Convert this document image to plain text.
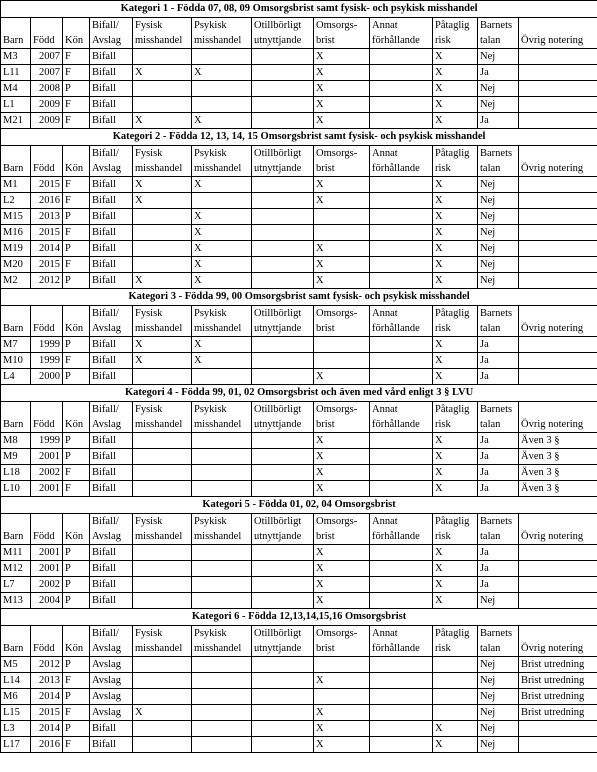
Kategori 1 - Födda 07, 08, 09 Omsorgsbrist samt fysisk- och psykisk misshandel											
Barn	Född	Kön	Bifall/ Avslag	Fysisk misshandel	Psykisk misshandel	Otillbörligt utnyttjande	Omsorgs- brist	Annat förhållande	Påtaglig risk	Barnets talan	Övrig notering
M3	2007	F	Bifall				X		X	Nej	
L11	2007	F	Bifall	X	X		X		X	Ja	
M4	2008	P	Bifall				X		X	Nej	
L1	2009	F	Bifall				X		X	Nej	
M21	2009	F	Bifall	X	X		X		X	Ja	
Kategori 2 - Födda 12, 13, 14, 15 Omsorgsbrist samt fysisk- och psykisk misshandel											
Barn	Född	Kön	Bifall/ Avslag	Fysisk misshandel	Psykisk misshandel	Otillbörligt utnyttjande	Omsorgs- brist	Annat förhållande	Påtaglig risk	Barnets talan	Övrig notering
M1	2015	F	Bifall	X	X		X		X	Nej	
L2	2016	F	Bifall	X			X		X	Nej	
M15	2013	P	Bifall		X				X	Nej	
M16	2015	F	Bifall		X				X	Nej	
M19	2014	P	Bifall		X		X		X	Nej	
M20	2015	F	Bifall		X		X		X	Nej	
M2	2012	P	Bifall	X	X		X		X	Nej	
Kategori 3 - Födda 99, 00 Omsorgsbrist samt fysisk- och psykisk misshandel											
Barn	Född	Kön	Bifall/ Avslag	Fysisk misshandel	Psykisk misshandel	Otillbörligt utnyttjande	Omsorgs- brist	Annat förhållande	Påtaglig risk	Barnets talan	Övrig notering
M7	1999	P	Bifall	X	X				X	Ja	
M10	1999	F	Bifall	X	X				X	Ja	
L4	2000	P	Bifall				X		X	Ja	
Kategori 4 - Födda 99, 01, 02 Omsorgsbrist och även med vård enligt 3 § LVU											
Barn	Född	Kön	Bifall/ Avslag	Fysisk misshandel	Psykisk misshandel	Otillbörligt utnyttjande	Omsorgs- brist	Annat förhållande	Påtaglig risk	Barnets talan	Övrig notering
M8	1999	P	Bifall				X		X	Ja	Även 3 §
M9	2001	P	Bifall				X		X	Ja	Även 3 §
L18	2002	F	Bifall				X		X	Ja	Även 3 §
L10	2001	F	Bifall				X		X	Ja	Även 3 §
Kategori 5 - Födda 01, 02, 04 Omsorgsbrist											
Barn	Född	Kön	Bifall/ Avslag	Fysisk misshandel	Psykisk misshandel	Otillbörligt utnyttjande	Omsorgs- brist	Annat förhållande	Påtaglig risk	Barnets talan	Övrig notering
M11	2001	P	Bifall				X		X	Ja	
M12	2001	P	Bifall				X		X	Ja	
L7	2002	P	Bifall				X		X	Ja	
M13	2004	P	Bifall				X		X	Nej	
Kategori 6 - Födda 12,13,14,15,16 Omsorgsbrist											
Barn	Född	Kön	Bifall/ Avslag	Fysisk misshandel	Psykisk misshandel	Otillbörligt utnyttjande	Omsorgs- brist	Annat förhållande	Påtaglig risk	Barnets talan	Övrig notering
M5	2012	P	Avslag							Nej	Brist utredning
L14	2013	F	Avslag				X			Nej	Brist utredning
M6	2014	P	Avslag							Nej	Brist utredning
L15	2015	F	Avslag	X			X			Nej	Brist utredning
L3	2014	P	Bifall				X		X	Nej	
L17	2016	F	Bifall				X		X	Nej	
